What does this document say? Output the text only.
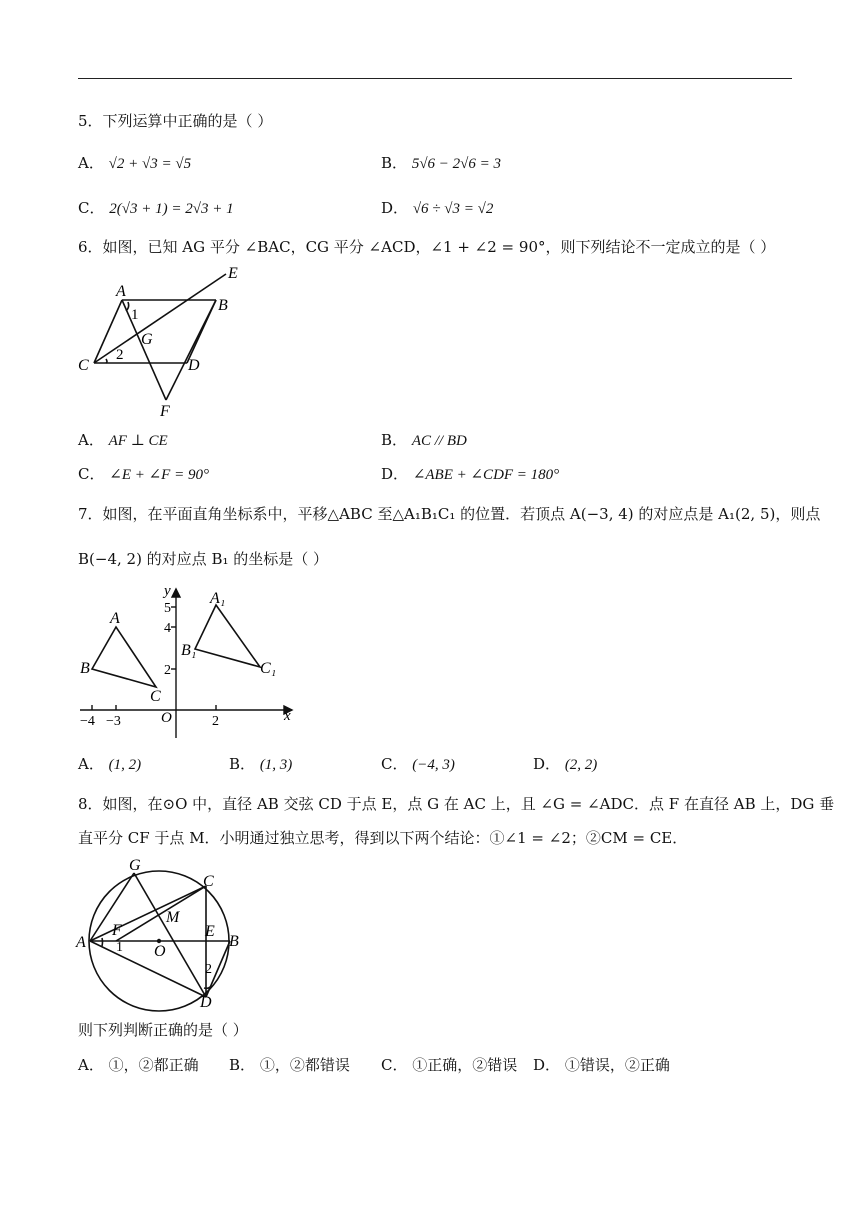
5．下列运算中正确的是（ ）
A． √2 + √3 = √5	B． 5√6 − 2√6 = 3
C． 2(√3 + 1) = 2√3 + 1	D． √6 ÷ √3 = √2
6．如图，已知 AG 平分 ∠BAC，CG 平分 ∠ACD，∠1 + ∠2 = 90°，则下列结论不一定成立的是（ ）
A
B
C	D
E
F
G
1
2
A． AF ⊥ CE	B． AC // BD
C． ∠E + ∠F = 90°	D． ∠ABE + ∠CDF = 180°
7．如图，在平面直角坐标系中，平移△ABC 至△A₁B₁C₁ 的位置．若顶点 A(−3, 4) 的对应点是 A₁(2, 5)，则点
B(−4, 2) 的对应点 B₁ 的坐标是（ ）
A
B
C
A₁
B₁
C₁
O	x
y
5
4
2
2
−4 −3
A． (1, 2)	B． (1, 3)	C． (−4, 3)	D． (2, 2)
8．如图，在⊙O 中，直径 AB 交弦 CD 于点 E，点 G 在 AC 上，且 ∠G = ∠ADC．点 F 在直径 AB 上，DG 垂
直平分 CF 于点 M．小明通过独立思考，得到以下两个结论：①∠1 = ∠2；②CM = CE．
A	B
C
D
E
F
G
M
O
1
2
则下列判断正确的是（ ）
A． ①，②都正确 B． ①，②都错误 C． ①正确，②错误 D． ①错误，②正确
